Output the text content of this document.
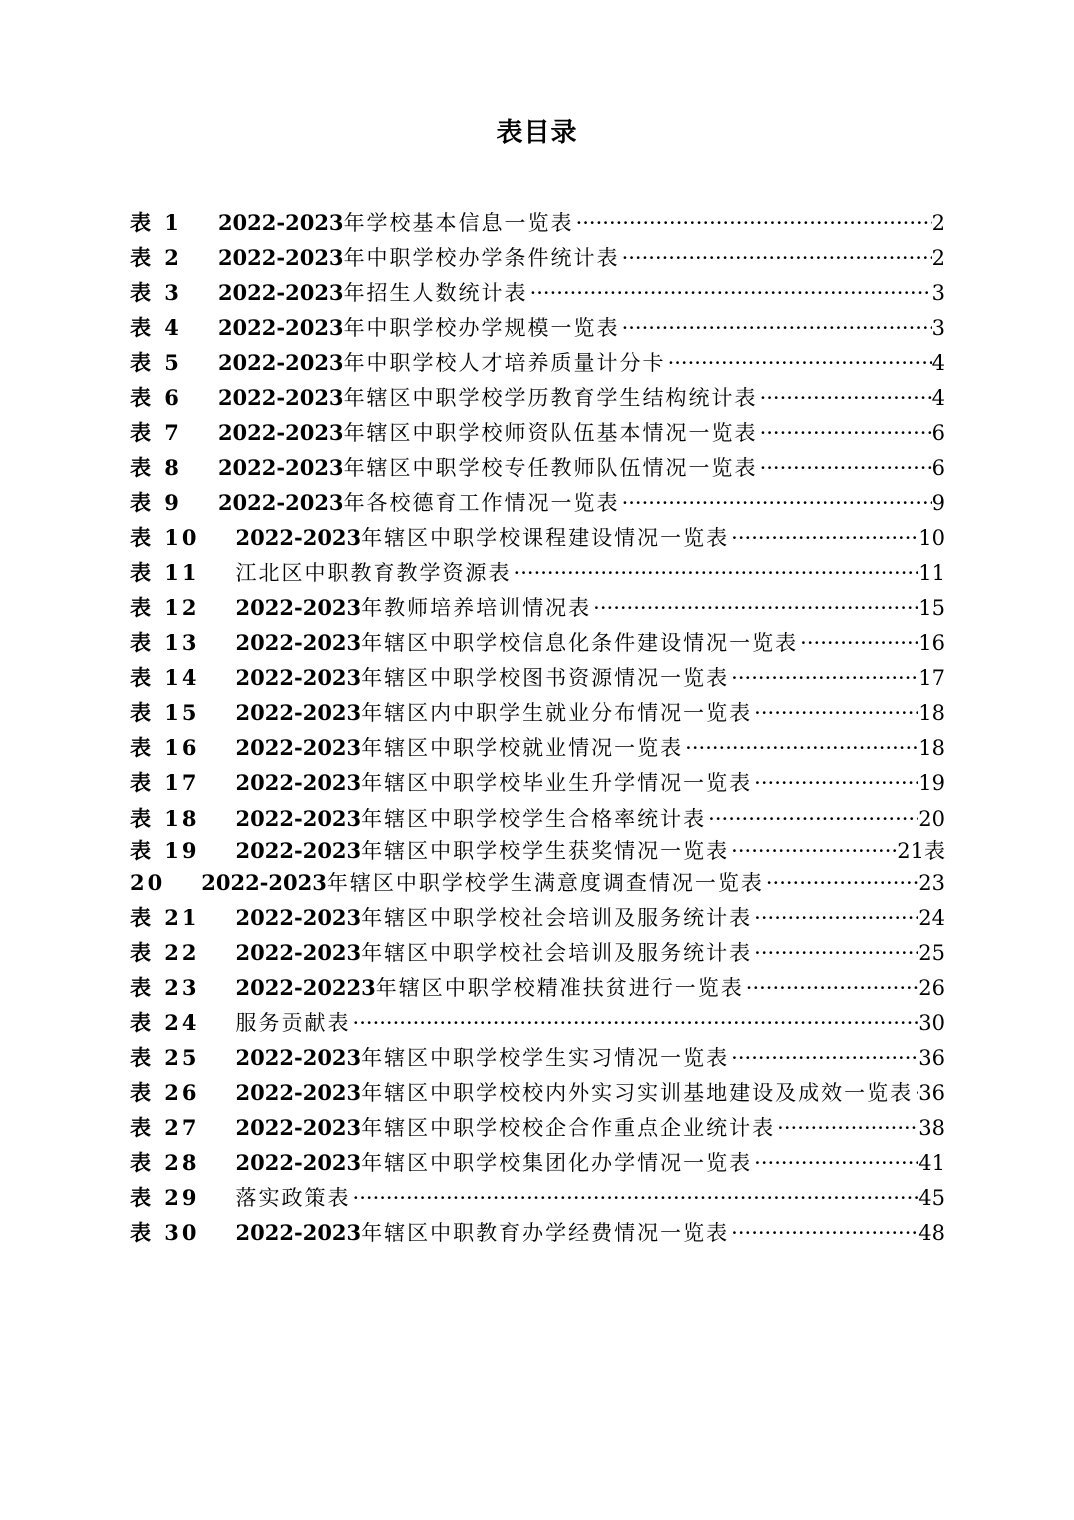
表目录
表 1	2022-2023年学校基本信息一览表 ·····	2
表 2	2022-2023年中职学校办学条件统计表 ·····	2
表 3	2022-2023年招生人数统计表 ·····	3
表 4	2022-2023年中职学校办学规模一览表 ·····	3
表 5	2022-2023年中职学校人才培养质量计分卡 ·····	4
表 6	2022-2023年辖区中职学校学历教育学生结构统计表 ·····	4
表 7	2022-2023年辖区中职学校师资队伍基本情况一览表 ·····	6
表 8	2022-2023年辖区中职学校专任教师队伍情况一览表 ·····	6
表 9	2022-2023年各校德育工作情况一览表 ·····	9
表 10	2022-2023年辖区中职学校课程建设情况一览表 ·····	10
表 11	江北区中职教育教学资源表 ·····	11
表 12	2022-2023年教师培养培训情况表 ·····	15
表 13	2022-2023年辖区中职学校信息化条件建设情况一览表 ·····	16
表 14	2022-2023年辖区中职学校图书资源情况一览表 ·····	17
表 15	2022-2023年辖区内中职学生就业分布情况一览表 ·····	18
表 16	2022-2023年辖区中职学校就业情况一览表 ·····	18
表 17	2022-2023年辖区中职学校毕业生升学情况一览表 ·····	19
表 18	2022-2023年辖区中职学校学生合格率统计表 ·····	20
表 19	2022-2023年辖区中职学校学生获奖情况一览表 ·····	21表
20	2022-2023年辖区中职学校学生满意度调查情况一览表 ·····	23
表 21	2022-2023年辖区中职学校社会培训及服务统计表 ·····	24
表 22	2022-2023年辖区中职学校社会培训及服务统计表 ·····	25
表 23	2022-20223年辖区中职学校精准扶贫进行一览表 ·····	26
表 24	服务贡献表 ·····	30
表 25	2022-2023年辖区中职学校学生实习情况一览表 ·····	36
表 26	2022-2023年辖区中职学校校内外实习实训基地建设及成效一览表 ····· 36
表 27	2022-2023年辖区中职学校校企合作重点企业统计表 ·····	38
表 28	2022-2023年辖区中职学校集团化办学情况一览表 ·····	41
表 29	落实政策表 ·····	45
表 30	2022-2023年辖区中职教育办学经费情况一览表 ·····	48
